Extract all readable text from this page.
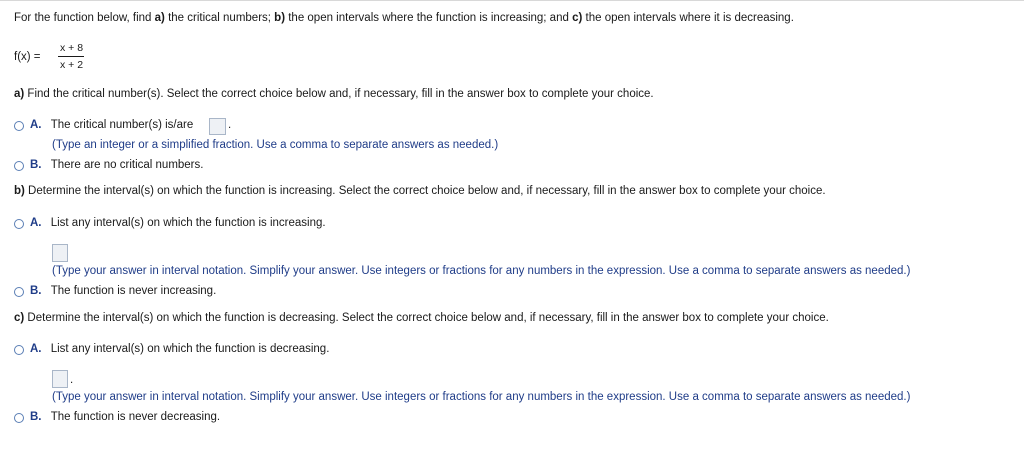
For the function below, find a) the critical numbers; b) the open intervals where the function is increasing; and c) the open intervals where it is decreasing.
f(x) =
x + 8
x + 2
a) Find the critical number(s). Select the correct choice below and, if necessary, fill in the answer box to complete your choice.
A. The critical number(s) is/are	.
(Type an integer or a simplified fraction. Use a comma to separate answers as needed.)
B. There are no critical numbers.
b) Determine the interval(s) on which the function is increasing. Select the correct choice below and, if necessary, fill in the answer box to complete your choice.
A. List any interval(s) on which the function is increasing.
(Type your answer in interval notation. Simplify your answer. Use integers or fractions for any numbers in the expression. Use a comma to separate answers as needed.)
B. The function is never increasing.
c) Determine the interval(s) on which the function is decreasing. Select the correct choice below and, if necessary, fill in the answer box to complete your choice.
A. List any interval(s) on which the function is decreasing.
.
(Type your answer in interval notation. Simplify your answer. Use integers or fractions for any numbers in the expression. Use a comma to separate answers as needed.)
B. The function is never decreasing.
